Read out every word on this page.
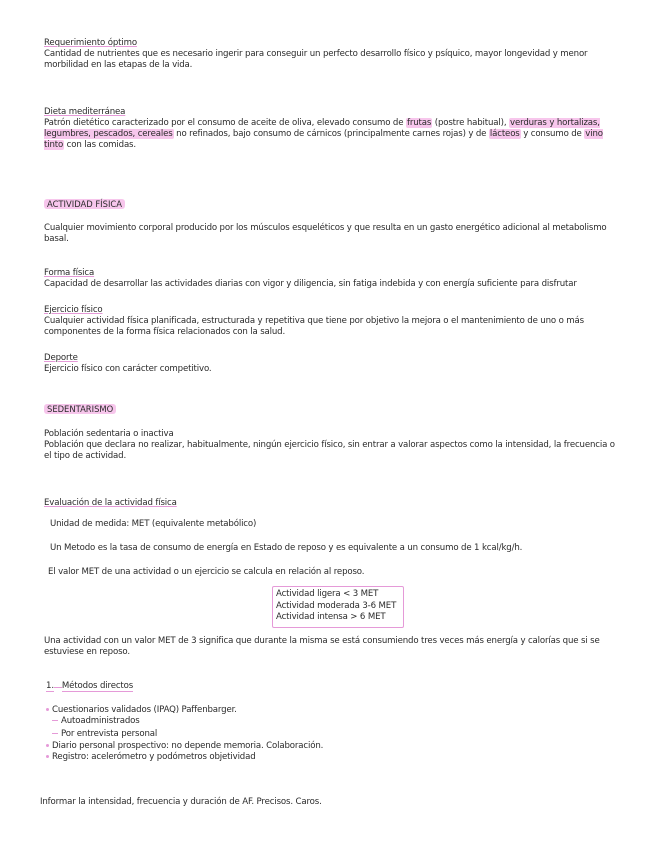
Requerimiento óptimo
Cantidad de nutrientes que es necesario ingerir para conseguir un perfecto desarrollo físico y psíquico, mayor longevidad y menor morbilidad en las etapas de la vida.
Dieta mediterránea
Patrón dietético caracterizado por el consumo de aceite de oliva, elevado consumo de frutas (postre habitual), verduras y hortalizas, legumbres, pescados, cereales no refinados, bajo consumo de cárnicos (principalmente carnes rojas) y de lácteos y consumo de vino tinto con las comidas.
ACTIVIDAD FÍSICA
Cualquier movimiento corporal producido por los músculos esqueléticos y que resulta en un gasto energético adicional al metabolismo basal.
Forma física
Capacidad de desarrollar las actividades diarias con vigor y diligencia, sin fatiga indebida y con energía suficiente para disfrutar
Ejercicio físico
Cualquier actividad física planificada, estructurada y repetitiva que tiene por objetivo la mejora o el mantenimiento de uno o más componentes de la forma física relacionados con la salud.
Deporte
Ejercicio físico con carácter competitivo.
SEDENTARISMO
Población sedentaria o inactiva
Población que declara no realizar, habitualmente, ningún ejercicio físico, sin entrar a valorar aspectos como la intensidad, la frecuencia o el tipo de actividad.
Evaluación de la actividad física
Unidad de medida: MET (equivalente metabólico)
Un Metodo es la tasa de consumo de energía en Estado de reposo y es equivalente a un consumo de 1 kcal/kg/h.
El valor MET de una actividad o un ejercicio se calcula en relación al reposo.
Actividad ligera < 3 MET
Actividad moderada 3-6 MET
Actividad intensa > 6 MET
Una actividad con un valor MET de 3 significa que durante la misma se está consumiendo tres veces más energía y calorías que si se estuviese en reposo.
1. Métodos directos
Cuestionarios validados (IPAQ) Paffenbarger.
Autoadministrados
Por entrevista personal
Diario personal prospectivo: no depende memoria. Colaboración.
Registro: acelerómetro y podómetros objetividad
Informar la intensidad, frecuencia y duración de AF. Precisos. Caros.
